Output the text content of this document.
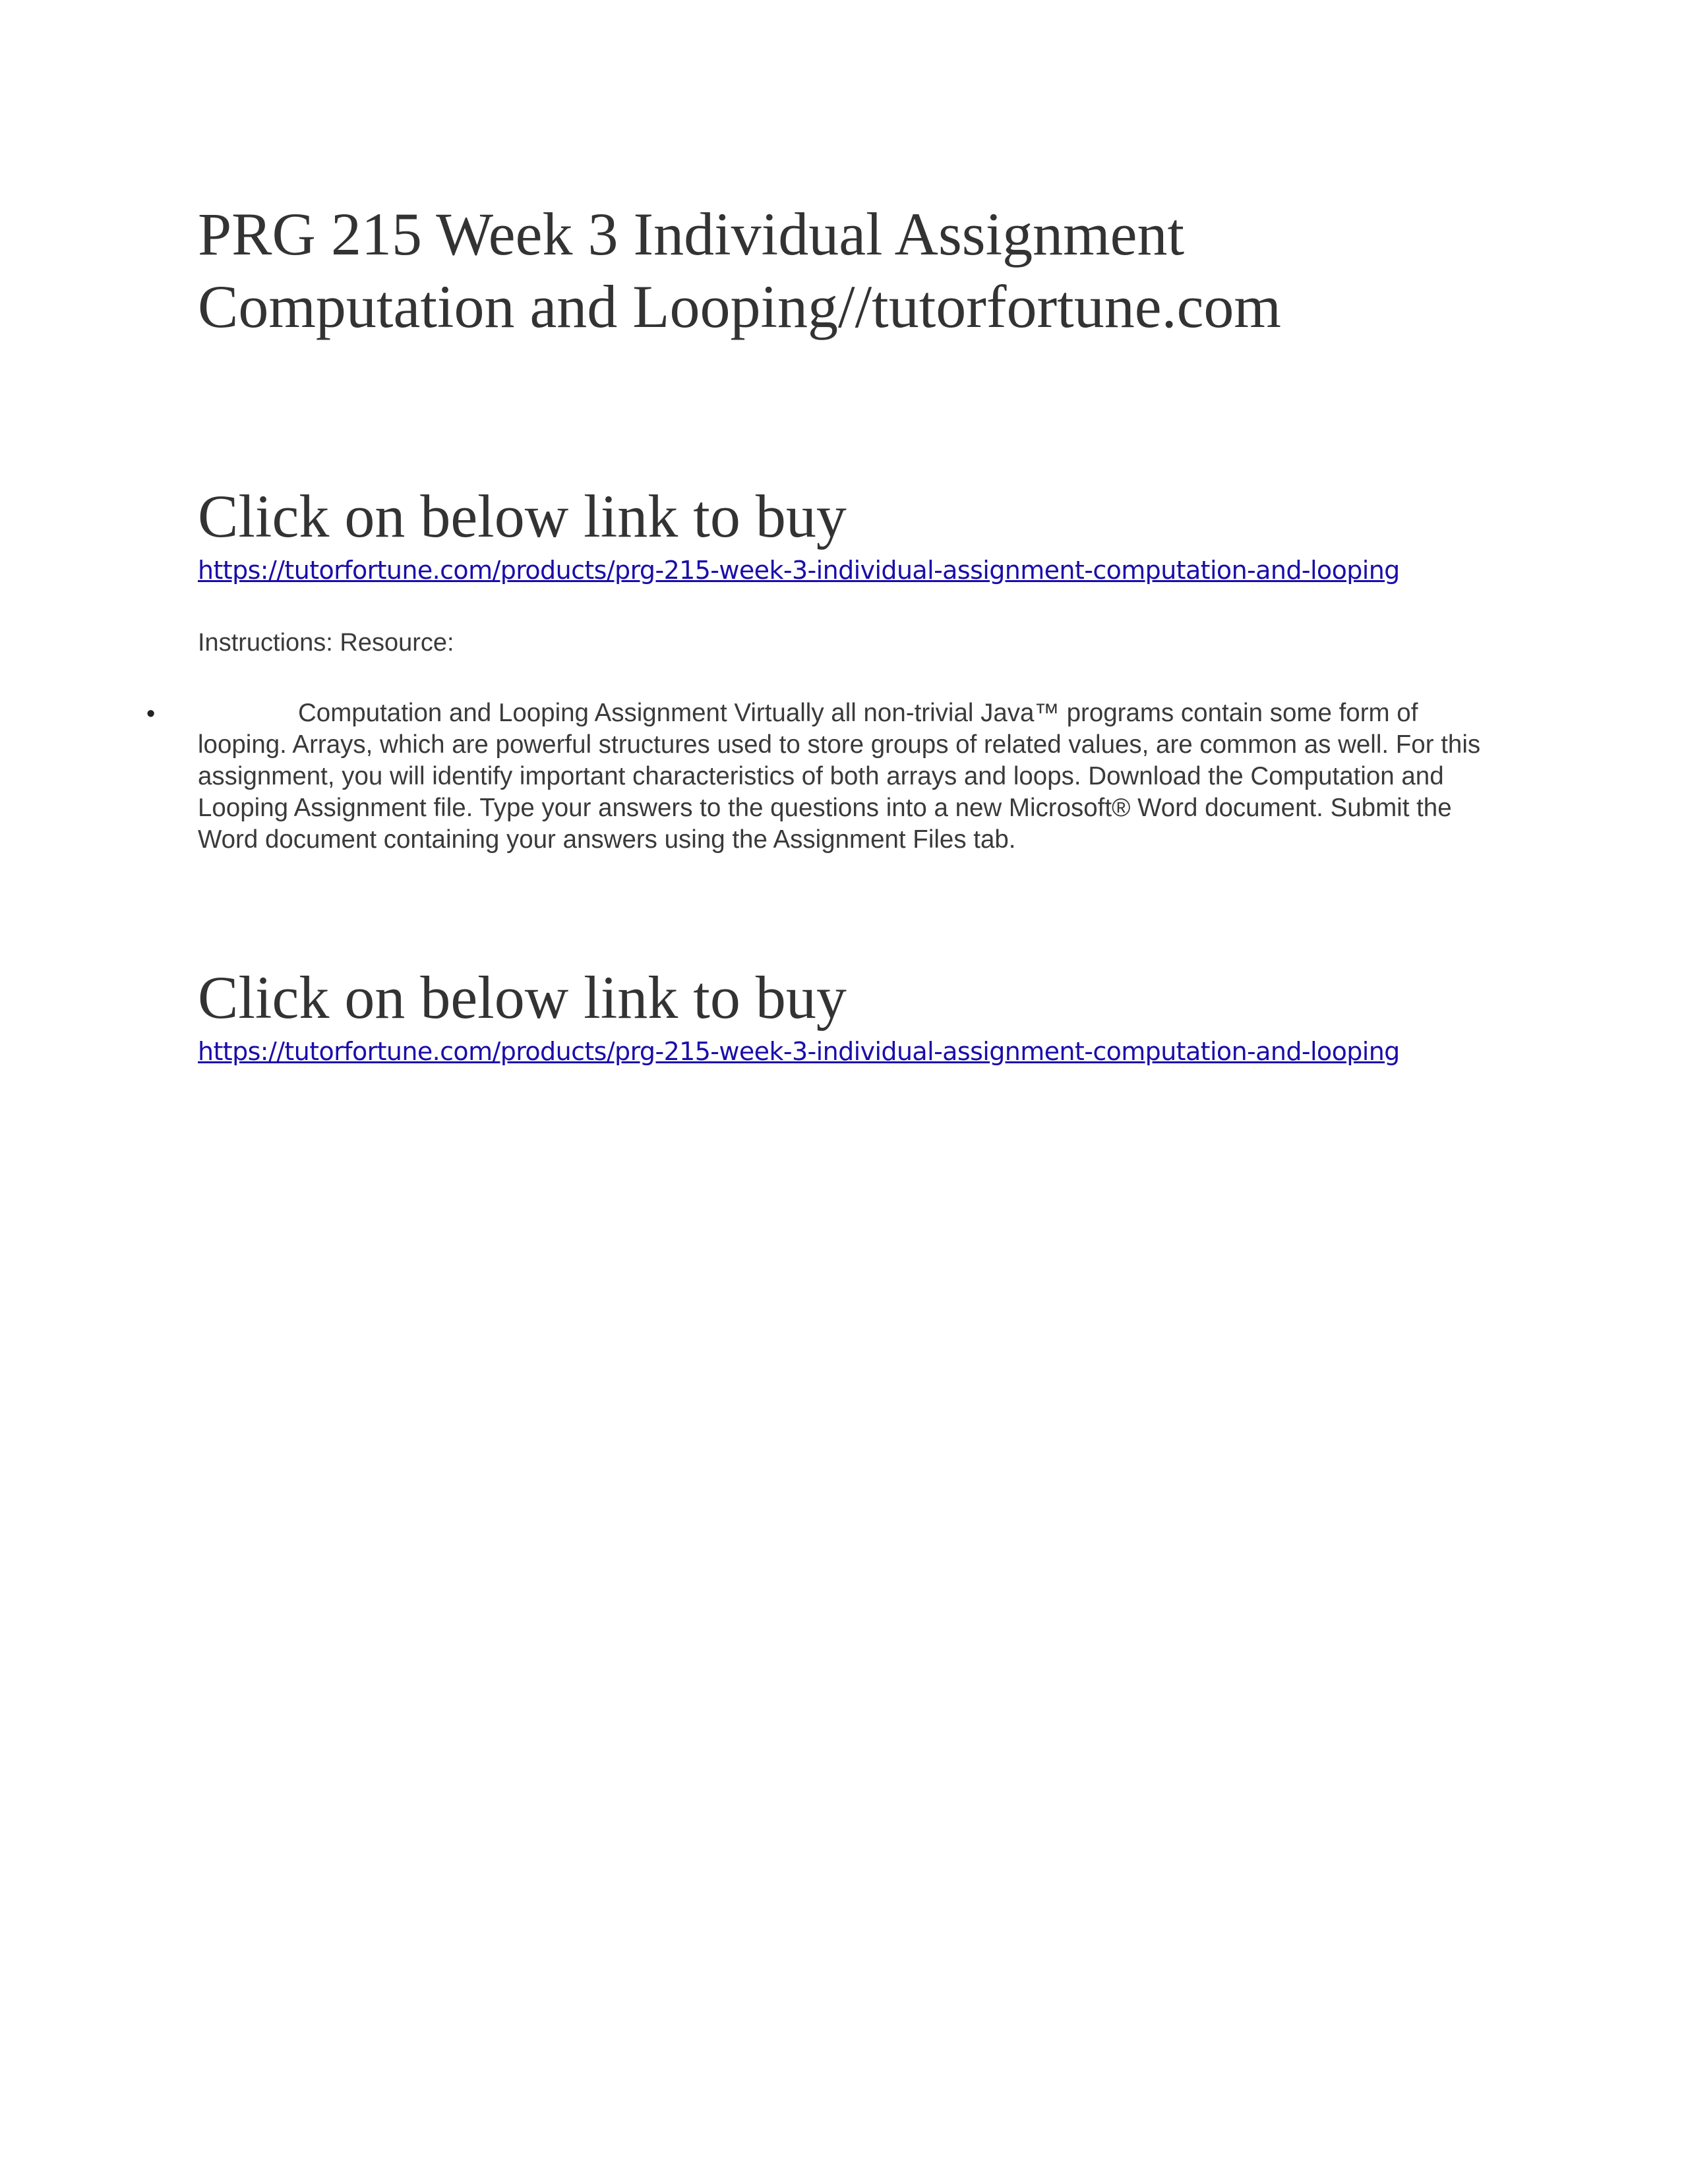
PRG 215 Week 3 Individual Assignment
Computation and Looping//tutorfortune.com
Click on below link to buy
https://tutorfortune.com/products/prg-215-week-3-individual-assignment-computation-and-looping
Instructions: Resource:
•	Computation and Looping Assignment Virtually all non-trivial Java™ programs contain some form of looping. Arrays, which are powerful structures used to store groups of related values, are common as well. For this assignment, you will identify important characteristics of both arrays and loops. Download the Computation and Looping Assignment file. Type your answers to the questions into a new Microsoft® Word document. Submit the Word document containing your answers using the Assignment Files tab.

Click on below link to buy
https://tutorfortune.com/products/prg-215-week-3-individual-assignment-computation-and-looping
